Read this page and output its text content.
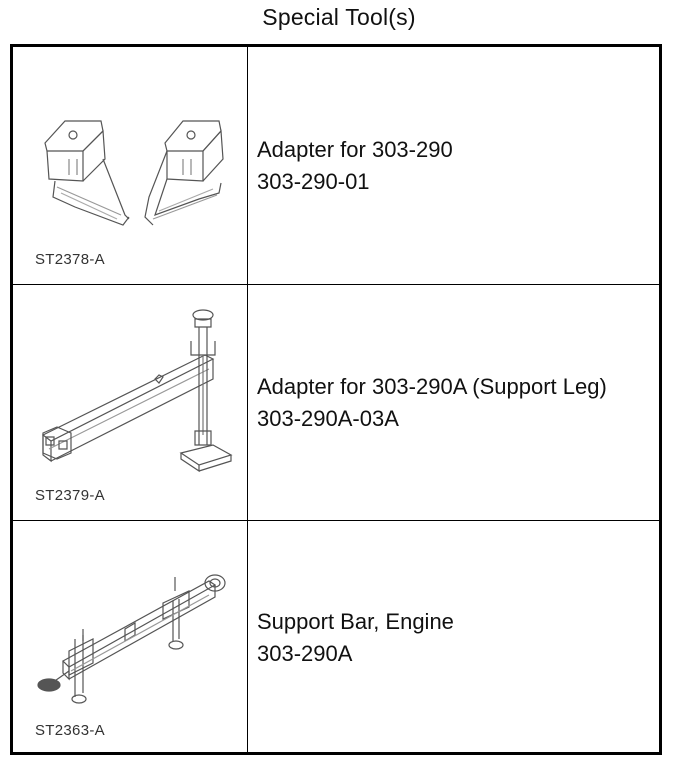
Special Tool(s)
ST2378-A
Adapter for 303-290
303-290-01
ST2379-A
Adapter for 303-290A (Support Leg)
303-290A-03A
ST2363-A
Support Bar, Engine
303-290A
